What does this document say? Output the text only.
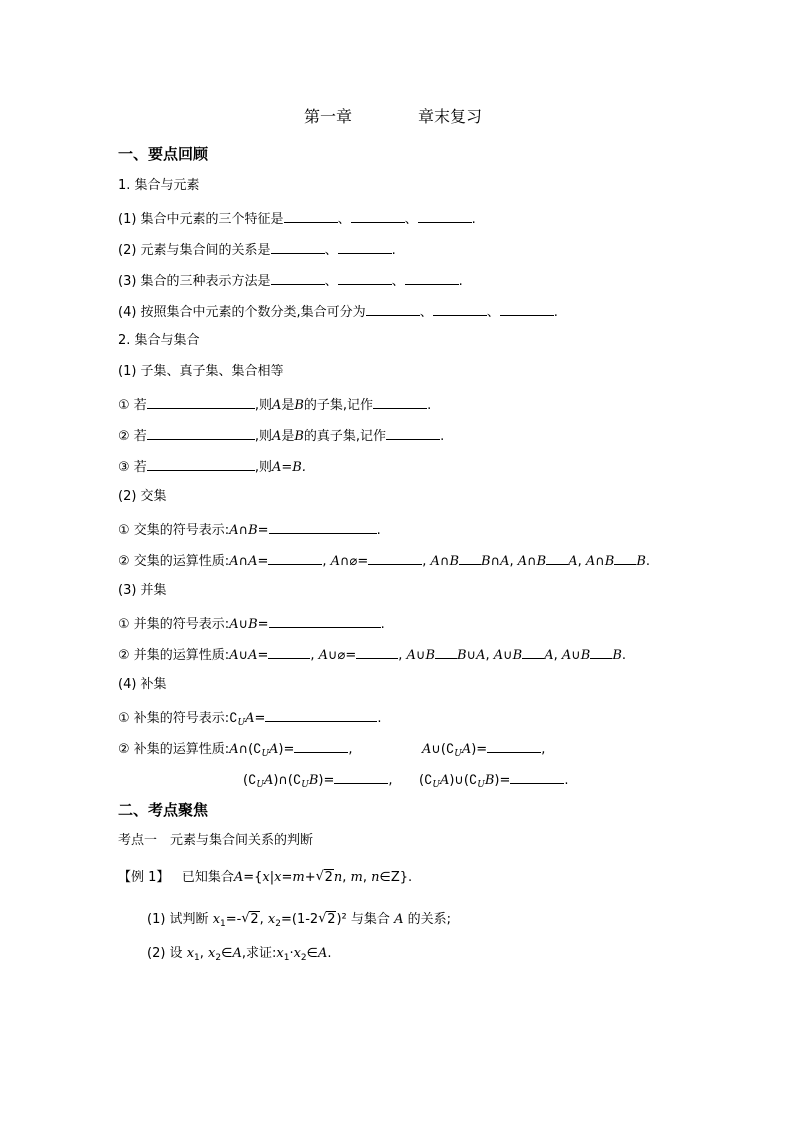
第一章	章末复习
一、要点回顾
1. 集合与元素
(1) 集合中元素的三个特征是	、	、	.
(2) 元素与集合间的关系是	、	.
(3) 集合的三种表示方法是	、	、	.
(4) 按照集合中元素的个数分类,集合可分为	、	、	.
2. 集合与集合
(1) 子集、真子集、集合相等
① 若	,则A是B的子集,记作	.
② 若	,则A是B的真子集,记作	.
③ 若	,则A=B.
(2) 交集
① 交集的符号表示:A∩B=	.
② 交集的运算性质:A∩A=	, A∩⌀=	, A∩B B∩A, A∩B A, A∩B B.
(3) 并集
① 并集的符号表示:A∪B=	.
② 并集的运算性质:A∪A=	, A∪⌀=	, A∪B B∪A, A∪B A, A∪B B.
(4) 补集
① 补集的符号表示$:∁_UA=$	.
② 补集的运算性质$:A\cap(∁_UA)=$	,	$A\cup(∁_UA)=$	,
$(∁_UA)\cap(∁_UB)=$	, $(∁_UA)\cup(∁_UB)=$	.
二、考点聚焦
考点一　元素与集合间关系的判断
【例 1】 已知集合A={x|x=m+√ 2n, m, n∈Z}.
(1) 试判断 $x_1=-√$ 2, $x_2=(1-2√$ 2)² 与集合 A 的关系;
(2) 设 $x_1$, $x_2\in A$,求证$:x_1\cdot x_2\in A$.
